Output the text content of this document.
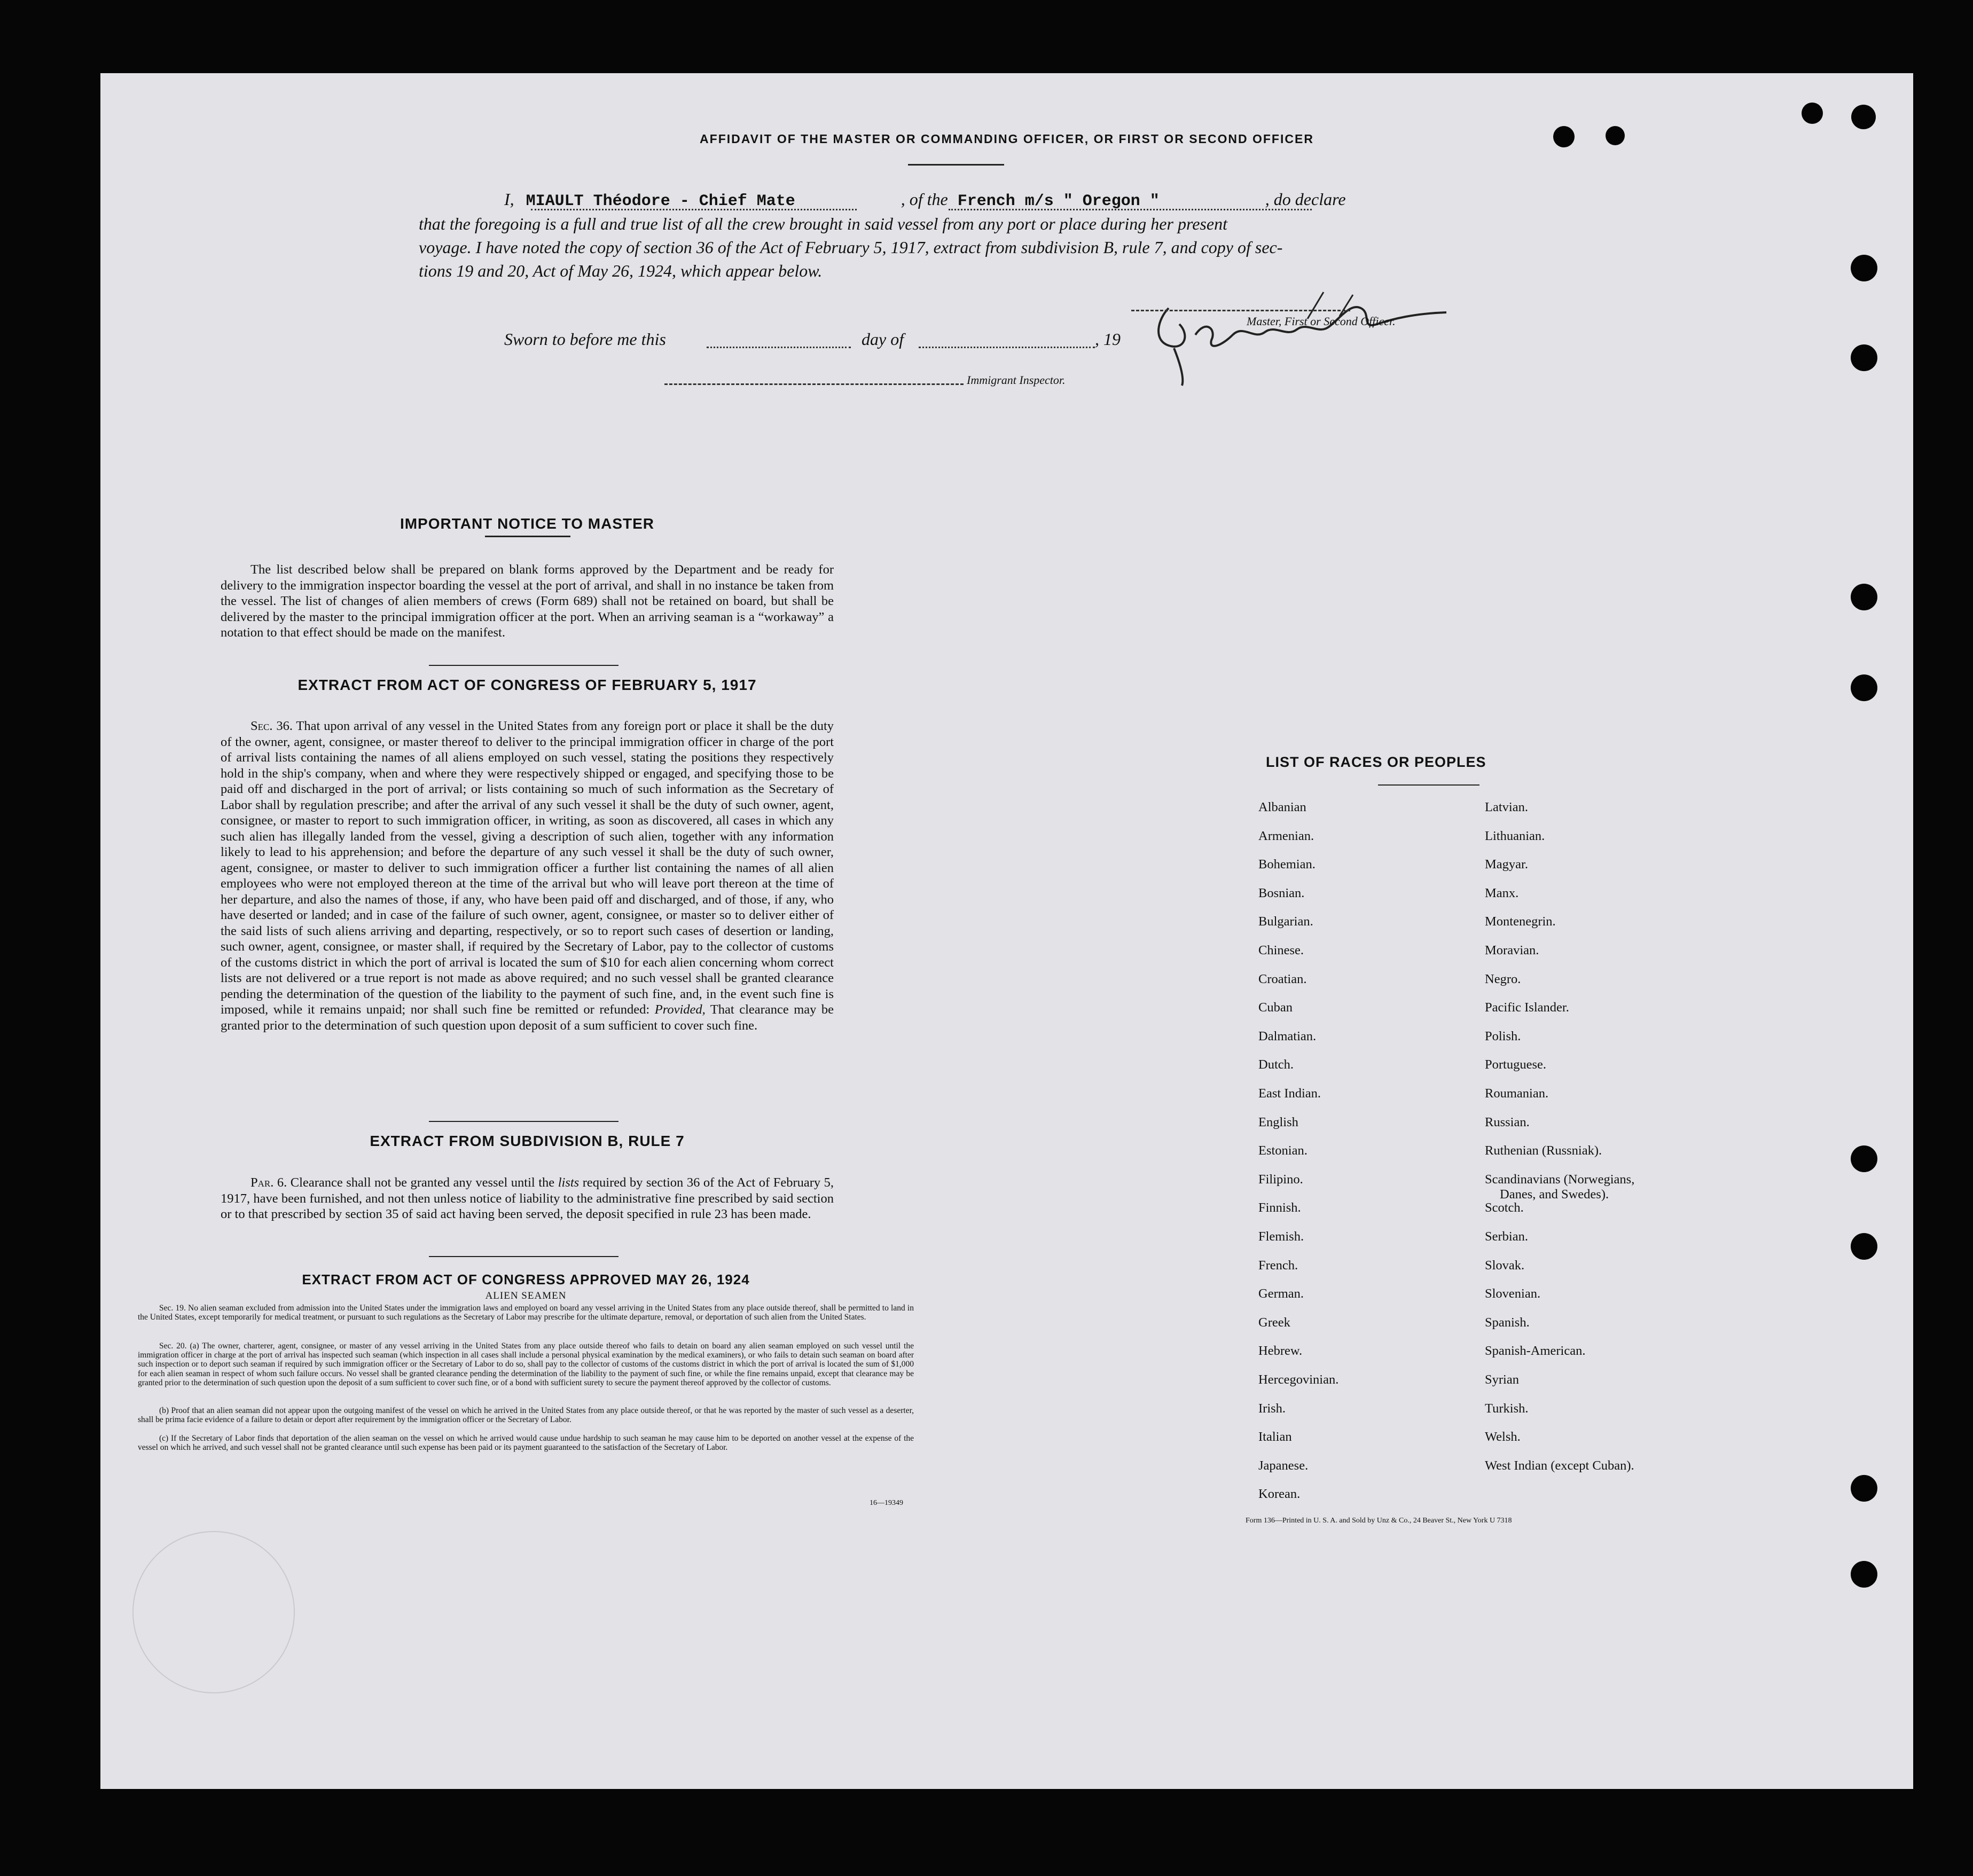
AFFIDAVIT OF THE MASTER OR COMMANDING OFFICER, OR FIRST OR SECOND OFFICER
I, MIAULT Théodore - Chief Mate	, of the French m/s " Oregon "	, do declare
that the foregoing is a full and true list of all the crew brought in said vessel from any port or place during her present
voyage. I have noted the copy of section 36 of the Act of February 5, 1917, extract from subdivision B, rule 7, and copy of sec-
tions 19 and 20, Act of May 26, 1924, which appear below.
Master, First or Second Officer.
Sworn to before me this	day of	, 19
Immigrant Inspector.
IMPORTANT NOTICE TO MASTER
The list described below shall be prepared on blank forms approved by the Department and be ready for delivery to the immigration inspector boarding the vessel at the port of arrival, and shall in no instance be taken from the vessel. The list of changes of alien members of crews (Form 689) shall not be retained on board, but shall be delivered by the master to the principal immigration officer at the port. When an arriving seaman is a “workaway” a notation to that effect should be made on the manifest.
EXTRACT FROM ACT OF CONGRESS OF FEBRUARY 5, 1917
Sec. 36. That upon arrival of any vessel in the United States from any foreign port or place it shall be the duty of the owner, agent, consignee, or master thereof to deliver to the principal immigration officer in charge of the port of arrival lists containing the names of all aliens employed on such vessel, stating the positions they respectively hold in the ship's company, when and where they were respectively shipped or engaged, and specifying those to be paid off and discharged in the port of arrival; or lists containing so much of such information as the Secretary of Labor shall by regulation prescribe; and after the arrival of any such vessel it shall be the duty of such owner, agent, consignee, or master to report to such immigration officer, in writing, as soon as discovered, all cases in which any such alien has illegally landed from the vessel, giving a description of such alien, together with any information likely to lead to his apprehension; and before the departure of any such vessel it shall be the duty of such owner, agent, consignee, or master to deliver to such immigration officer a further list containing the names of all alien employees who were not employed thereon at the time of the arrival but who will leave port thereon at the time of her departure, and also the names of those, if any, who have been paid off and discharged, and of those, if any, who have deserted or landed; and in case of the failure of such owner, agent, consignee, or master so to deliver either of the said lists of such aliens arriving and departing, respectively, or so to report such cases of desertion or landing, such owner, agent, consignee, or master shall, if required by the Secretary of Labor, pay to the collector of customs of the customs district in which the port of arrival is located the sum of $10 for each alien concerning whom correct lists are not delivered or a true report is not made as above required; and no such vessel shall be granted clearance pending the determination of the question of the liability to the payment of such fine, and, in the event such fine is imposed, while it remains unpaid; nor shall such fine be remitted or refunded: Provided, That clearance may be granted prior to the determination of such question upon deposit of a sum sufficient to cover such fine.
EXTRACT FROM SUBDIVISION B, RULE 7
Par. 6. Clearance shall not be granted any vessel until the lists required by section 36 of the Act of February 5, 1917, have been furnished, and not then unless notice of liability to the administrative fine prescribed by said section or to that prescribed by section 35 of said act having been served, the deposit specified in rule 23 has been made.
EXTRACT FROM ACT OF CONGRESS APPROVED MAY 26, 1924
ALIEN SEAMEN
Sec. 19. No alien seaman excluded from admission into the United States under the immigration laws and employed on board any vessel arriving in the United States from any place outside thereof, shall be permitted to land in the United States, except temporarily for medical treatment, or pursuant to such regulations as the Secretary of Labor may prescribe for the ultimate departure, removal, or deportation of such alien from the United States.
Sec. 20. (a) The owner, charterer, agent, consignee, or master of any vessel arriving in the United States from any place outside thereof who fails to detain on board any alien seaman employed on such vessel until the immigration officer in charge at the port of arrival has inspected such seaman (which inspection in all cases shall include a personal physical examination by the medical examiners), or who fails to detain such seaman on board after such inspection or to deport such seaman if required by such immigration officer or the Secretary of Labor to do so, shall pay to the collector of customs of the customs district in which the port of arrival is located the sum of $1,000 for each alien seaman in respect of whom such failure occurs. No vessel shall be granted clearance pending the determination of the liability to the payment of such fine, or while the fine remains unpaid, except that clearance may be granted prior to the determination of such question upon the deposit of a sum sufficient to cover such fine, or of a bond with sufficient surety to secure the payment thereof approved by the collector of customs.
(b) Proof that an alien seaman did not appear upon the outgoing manifest of the vessel on which he arrived in the United States from any place outside thereof, or that he was reported by the master of such vessel as a deserter, shall be prima facie evidence of a failure to detain or deport after requirement by the immigration officer or the Secretary of Labor.
(c) If the Secretary of Labor finds that deportation of the alien seaman on the vessel on which he arrived would cause undue hardship to such seaman he may cause him to be deported on another vessel at the expense of the vessel on which he arrived, and such vessel shall not be granted clearance until such expense has been paid or its payment guaranteed to the satisfaction of the Secretary of Labor.
16—19349
LIST OF RACES OR PEOPLES
Albanian
Armenian.
Bohemian.
Bosnian.
Bulgarian.
Chinese.
Croatian.
Cuban
Dalmatian.
Dutch.
East Indian.
English
Estonian.
Filipino.
Finnish.
Flemish.
French.
German.
Greek
Hebrew.
Hercegovinian.
Irish.
Italian
Japanese.
Korean.
Latvian.
Lithuanian.
Magyar.
Manx.
Montenegrin.
Moravian.
Negro.
Pacific Islander.
Polish.
Portuguese.
Roumanian.
Russian.
Ruthenian (Russniak).
Scandinavians (Norwegians,
Danes, and Swedes).
Scotch.
Serbian.
Slovak.
Slovenian.
Spanish.
Spanish-American.
Syrian
Turkish.
Welsh.
West Indian (except Cuban).
Form 136—Printed in U. S. A. and Sold by Unz & Co., 24 Beaver St., New York U 7318
